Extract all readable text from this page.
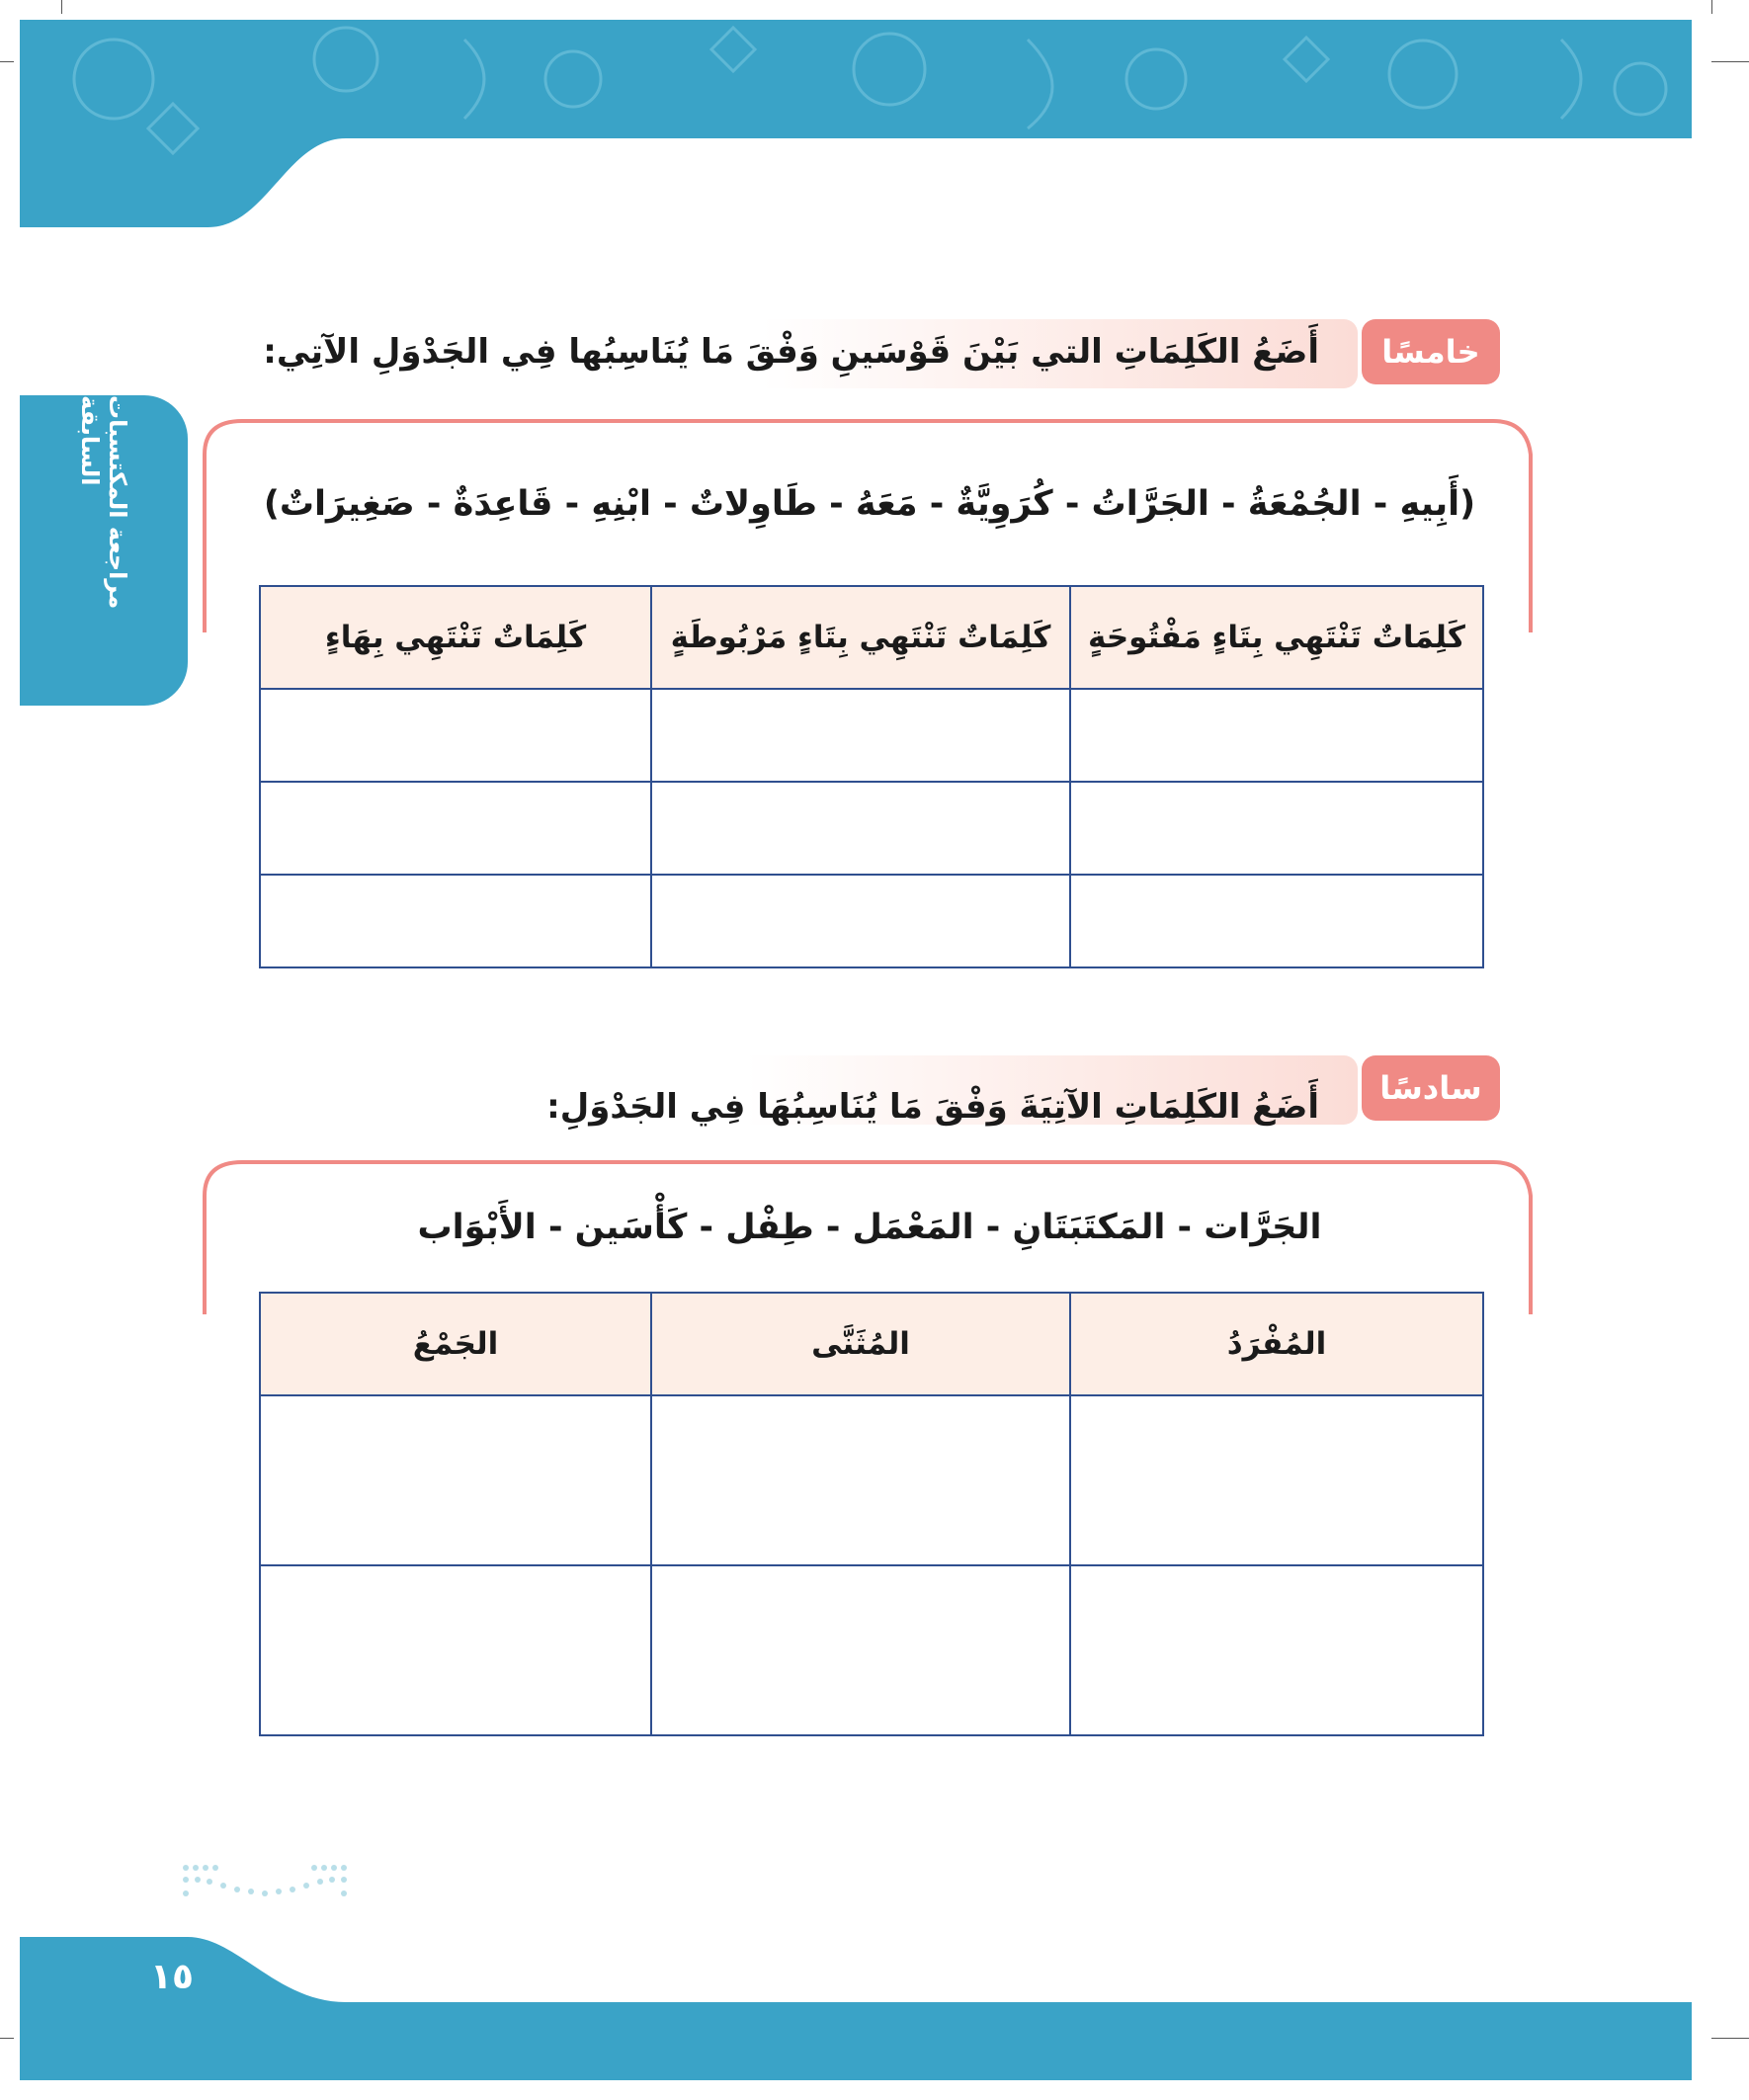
مراجعة المكتسبات السابقة
خامسًا
أَضَعُ الكَلِمَاتِ التي بَيْنَ قَوْسَينِ وَفْقَ مَا يُنَاسِبُها فِي الجَدْوَلِ الآتِي:
(أَبِيهِ - الجُمْعَةُ - الجَرَّاتُ - كُرَوِيَّةٌ - مَعَهُ - طَاوِلاتٌ - ابْنِهِ - قَاعِدَةٌ - صَغِيرَاتٌ)
كَلِمَاتٌ تَنْتَهِي بِتَاءٍ مَفْتُوحَةٍ	كَلِمَاتٌ تَنْتَهِي بِتَاءٍ مَرْبُوطَةٍ	كَلِمَاتٌ تَنْتَهِي بِهَاءٍ

سادسًا
أَضَعُ الكَلِمَاتِ الآتِيَةَ وَفْقَ مَا يُنَاسِبُهَا فِي الجَدْوَلِ:
الجَرَّات - المَكتَبَتَانِ - المَعْمَل - طِفْل - كَأْسَين - الأَبْوَاب
المُفْرَدُ	المُثَنَّى	الجَمْعُ

١٥
